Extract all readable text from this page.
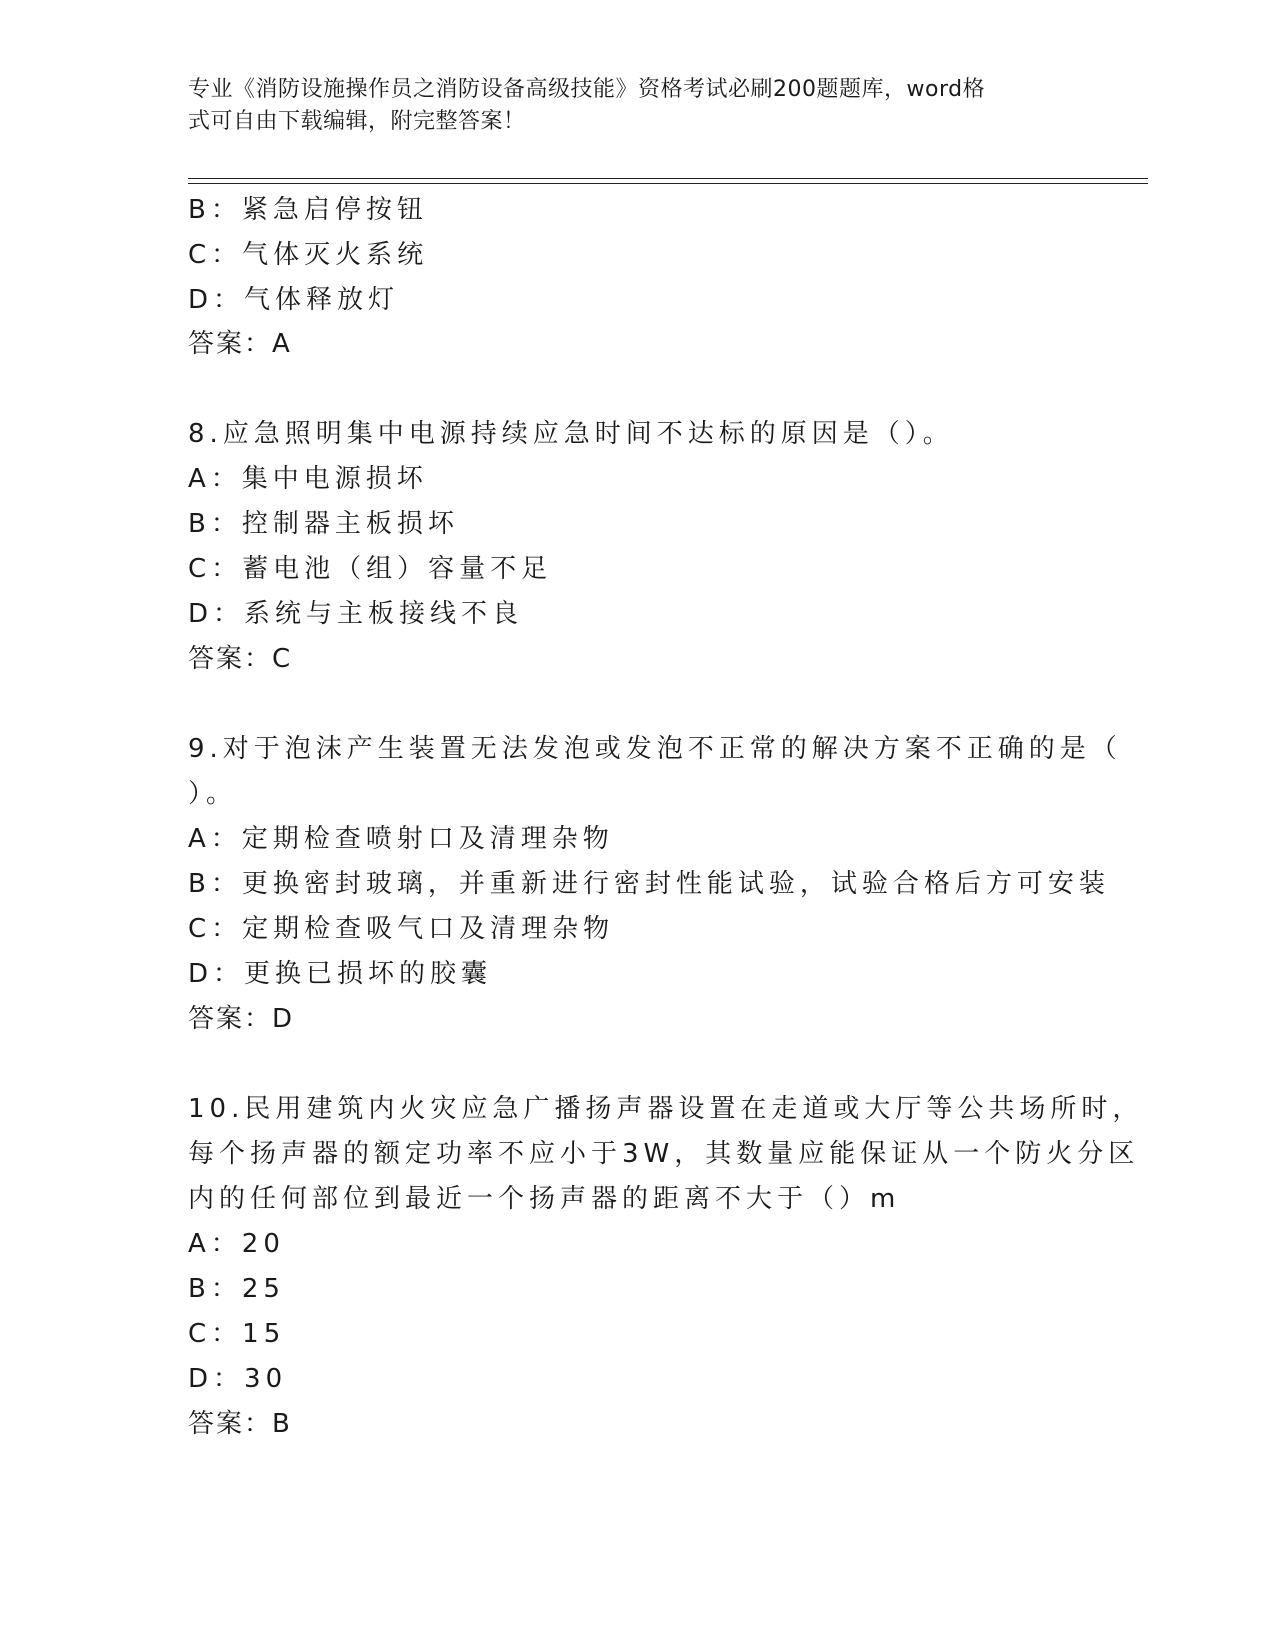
专业《消防设施操作员之消防设备高级技能》资格考试必刷200题题库，word格
式可自由下载编辑，附完整答案！
B：紧急启停按钮
C：气体灭火系统
D：气体释放灯
答案：A
8.应急照明集中电源持续应急时间不达标的原因是（）。
A：集中电源损坏
B：控制器主板损坏
C：蓄电池（组）容量不足
D：系统与主板接线不良
答案：C
9.对于泡沫产生装置无法发泡或发泡不正常的解决方案不正确的是（
）。
A：定期检查喷射口及清理杂物
B：更换密封玻璃，并重新进行密封性能试验，试验合格后方可安装
C：定期检查吸气口及清理杂物
D：更换已损坏的胶囊
答案：D
10.民用建筑内火灾应急广播扬声器设置在走道或大厅等公共场所时，
每个扬声器的额定功率不应小于3W，其数量应能保证从一个防火分区
内的任何部位到最近一个扬声器的距离不大于（）m
A：20
B：25
C：15
D：30
答案：B
